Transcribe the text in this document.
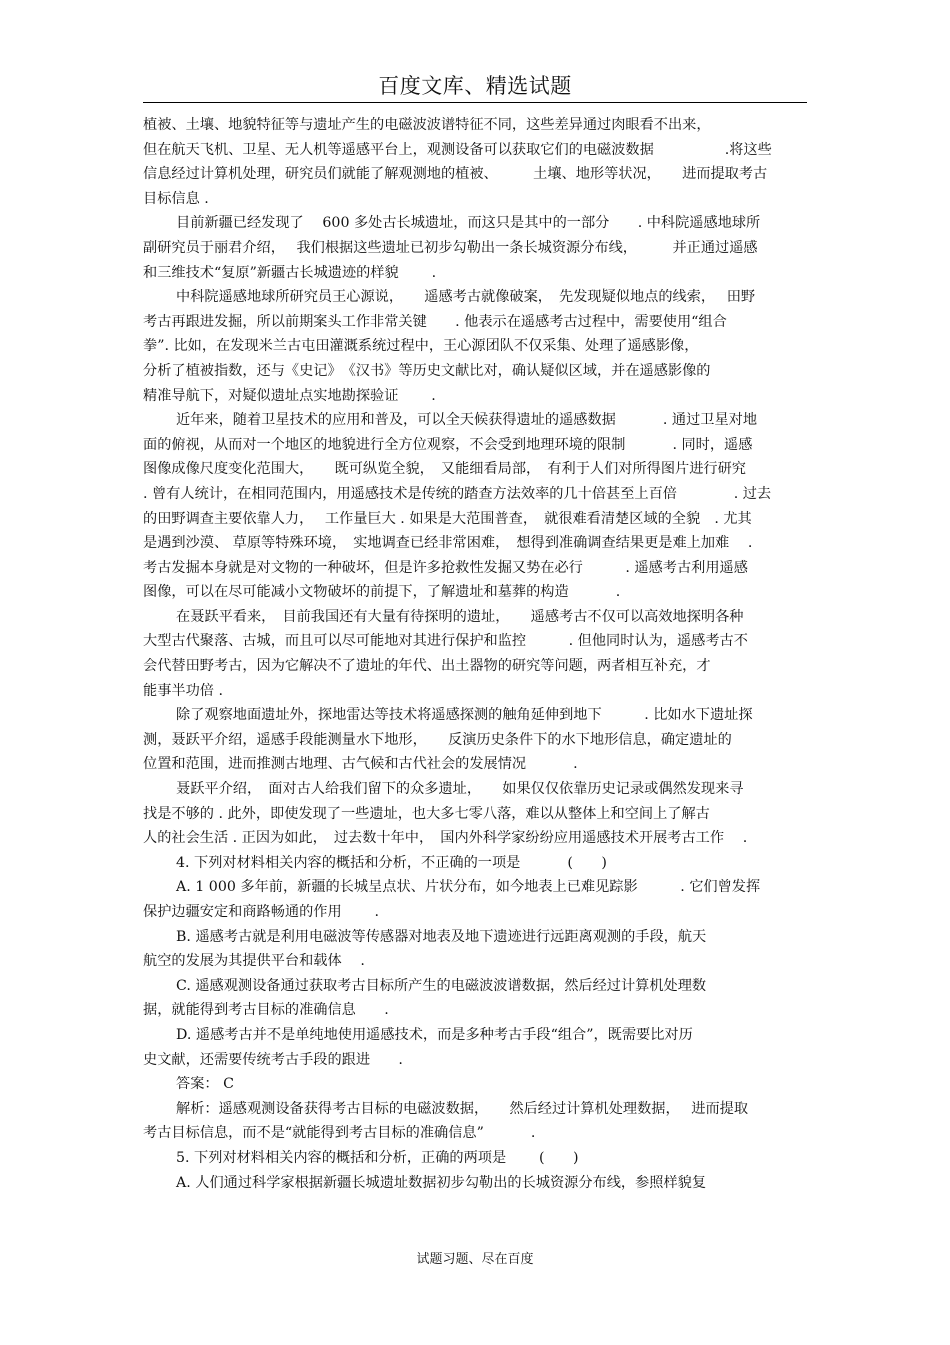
百度文库、精选试题
植被、土壤、地貌特征等与遗址产生的电磁波波谱特征不同，这些差异通过肉眼看不出来，
但在航天飞机、卫星、无人机等遥感平台上，观测设备可以获取它们的电磁波数据　　　　　.将这些
信息经过计算机处理，研究员们就能了解观测地的植被、　　　土壤、地形等状况，　　进而提取考古
目标信息 .
目前新疆已经发现了　 600 多处古长城遗址，而这只是其中的一部分　　. 中科院遥感地球所
副研究员于丽君介绍，　 我们根据这些遗址已初步勾勒出一条长城资源分布线，　　　并正通过遥感
和三维技术“复原”新疆古长城遗迹的样貌　　 .
中科院遥感地球所研究员王心源说，　　遥感考古就像破案，　先发现疑似地点的线索，　 田野
考古再跟进发掘，所以前期案头工作非常关键　　. 他表示在遥感考古过程中，需要使用“组合
拳”. 比如，在发现米兰古屯田灌溉系统过程中，王心源团队不仅采集、处理了遥感影像，
分析了植被指数，还与《史记》　《汉书》等历史文献比对，确认疑似区域，并在遥感影像的
精准导航下，对疑似遗址点实地勘探验证　　 .
近年来，随着卫星技术的应用和普及，可以全天候获得遗址的遥感数据　　　 . 通过卫星对地
面的俯视，从而对一个地区的地貌进行全方位观察，不会受到地理环境的限制　　　 . 同时，遥感
图像成像尺度变化范围大，　　既可纵览全貌，　又能细看局部，　有利于人们对所得图片进行研究　
. 曾有人统计，在相同范围内，用遥感技术是传统的踏查方法效率的几十倍甚至上百倍　　　　. 过去
的田野调查主要依靠人力，　 工作量巨大 . 如果是大范围普查，　就很难看清楚区域的全貌　. 尤其
是遇到沙漠、 草原等特殊环境，　实地调查已经非常困难，　想得到准确调查结果更是难上加难　 .
考古发掘本身就是对文物的一种破坏，但是许多抢救性发掘又势在必行　　　. 遥感考古利用遥感
图像，可以在尽可能减小文物破坏的前提下，了解遗址和墓葬的构造　　　 .
在聂跃平看来，　目前我国还有大量有待探明的遗址，　　遥感考古不仅可以高效地探明各种
大型古代聚落、古城，而且可以尽可能地对其进行保护和监控　　　. 但他同时认为，遥感考古不
会代替田野考古，因为它解决不了遗址的年代、出土器物的研究等问题，两者相互补充，才
能事半功倍 .
除了观察地面遗址外，探地雷达等技术将遥感探测的触角延伸到地下　　　. 比如水下遗址探
测，聂跃平介绍，遥感手段能测量水下地形，　　反演历史条件下的水下地形信息，确定遗址的
位置和范围，进而推测古地理、古气候和古代社会的发展情况　　　 .
聂跃平介绍，　面对古人给我们留下的众多遗址，　　如果仅仅依靠历史记录或偶然发现来寻
找是不够的 . 此外，即使发现了一些遗址，也大多七零八落，难以从整体上和空间上了解古
人的社会生活 . 正因为如此，　过去数十年中，　国内外科学家纷纷应用遥感技术开展考古工作　 .
4. 下列对材料相关内容的概括和分析，不正确的一项是　　　 (　　)
A. 1 000 多年前，新疆的长城呈点状、片状分布，如今地表上已难见踪影　　　. 它们曾发挥
保护边疆安定和商路畅通的作用　　 .
B. 遥感考古就是利用电磁波等传感器对地表及地下遗迹进行远距离观测的手段，航天
航空的发展为其提供平台和载体　 .
C. 遥感观测设备通过获取考古目标所产生的电磁波波谱数据，然后经过计算机处理数
据，就能得到考古目标的准确信息　　.
D. 遥感考古并不是单纯地使用遥感技术，而是多种考古手段“组合”，既需要比对历
史文献，还需要传统考古手段的跟进　　.
答案： C
解析：遥感观测设备获得考古目标的电磁波数据，　　然后经过计算机处理数据，　 进而提取
考古目标信息，而不是“就能得到考古目标的准确信息”　　　 .
5. 下列对材料相关内容的概括和分析，正确的两项是　　 (　　)
A. 人们通过科学家根据新疆长城遗址数据初步勾勒出的长城资源分布线，参照样貌复
试题习题、尽在百度
